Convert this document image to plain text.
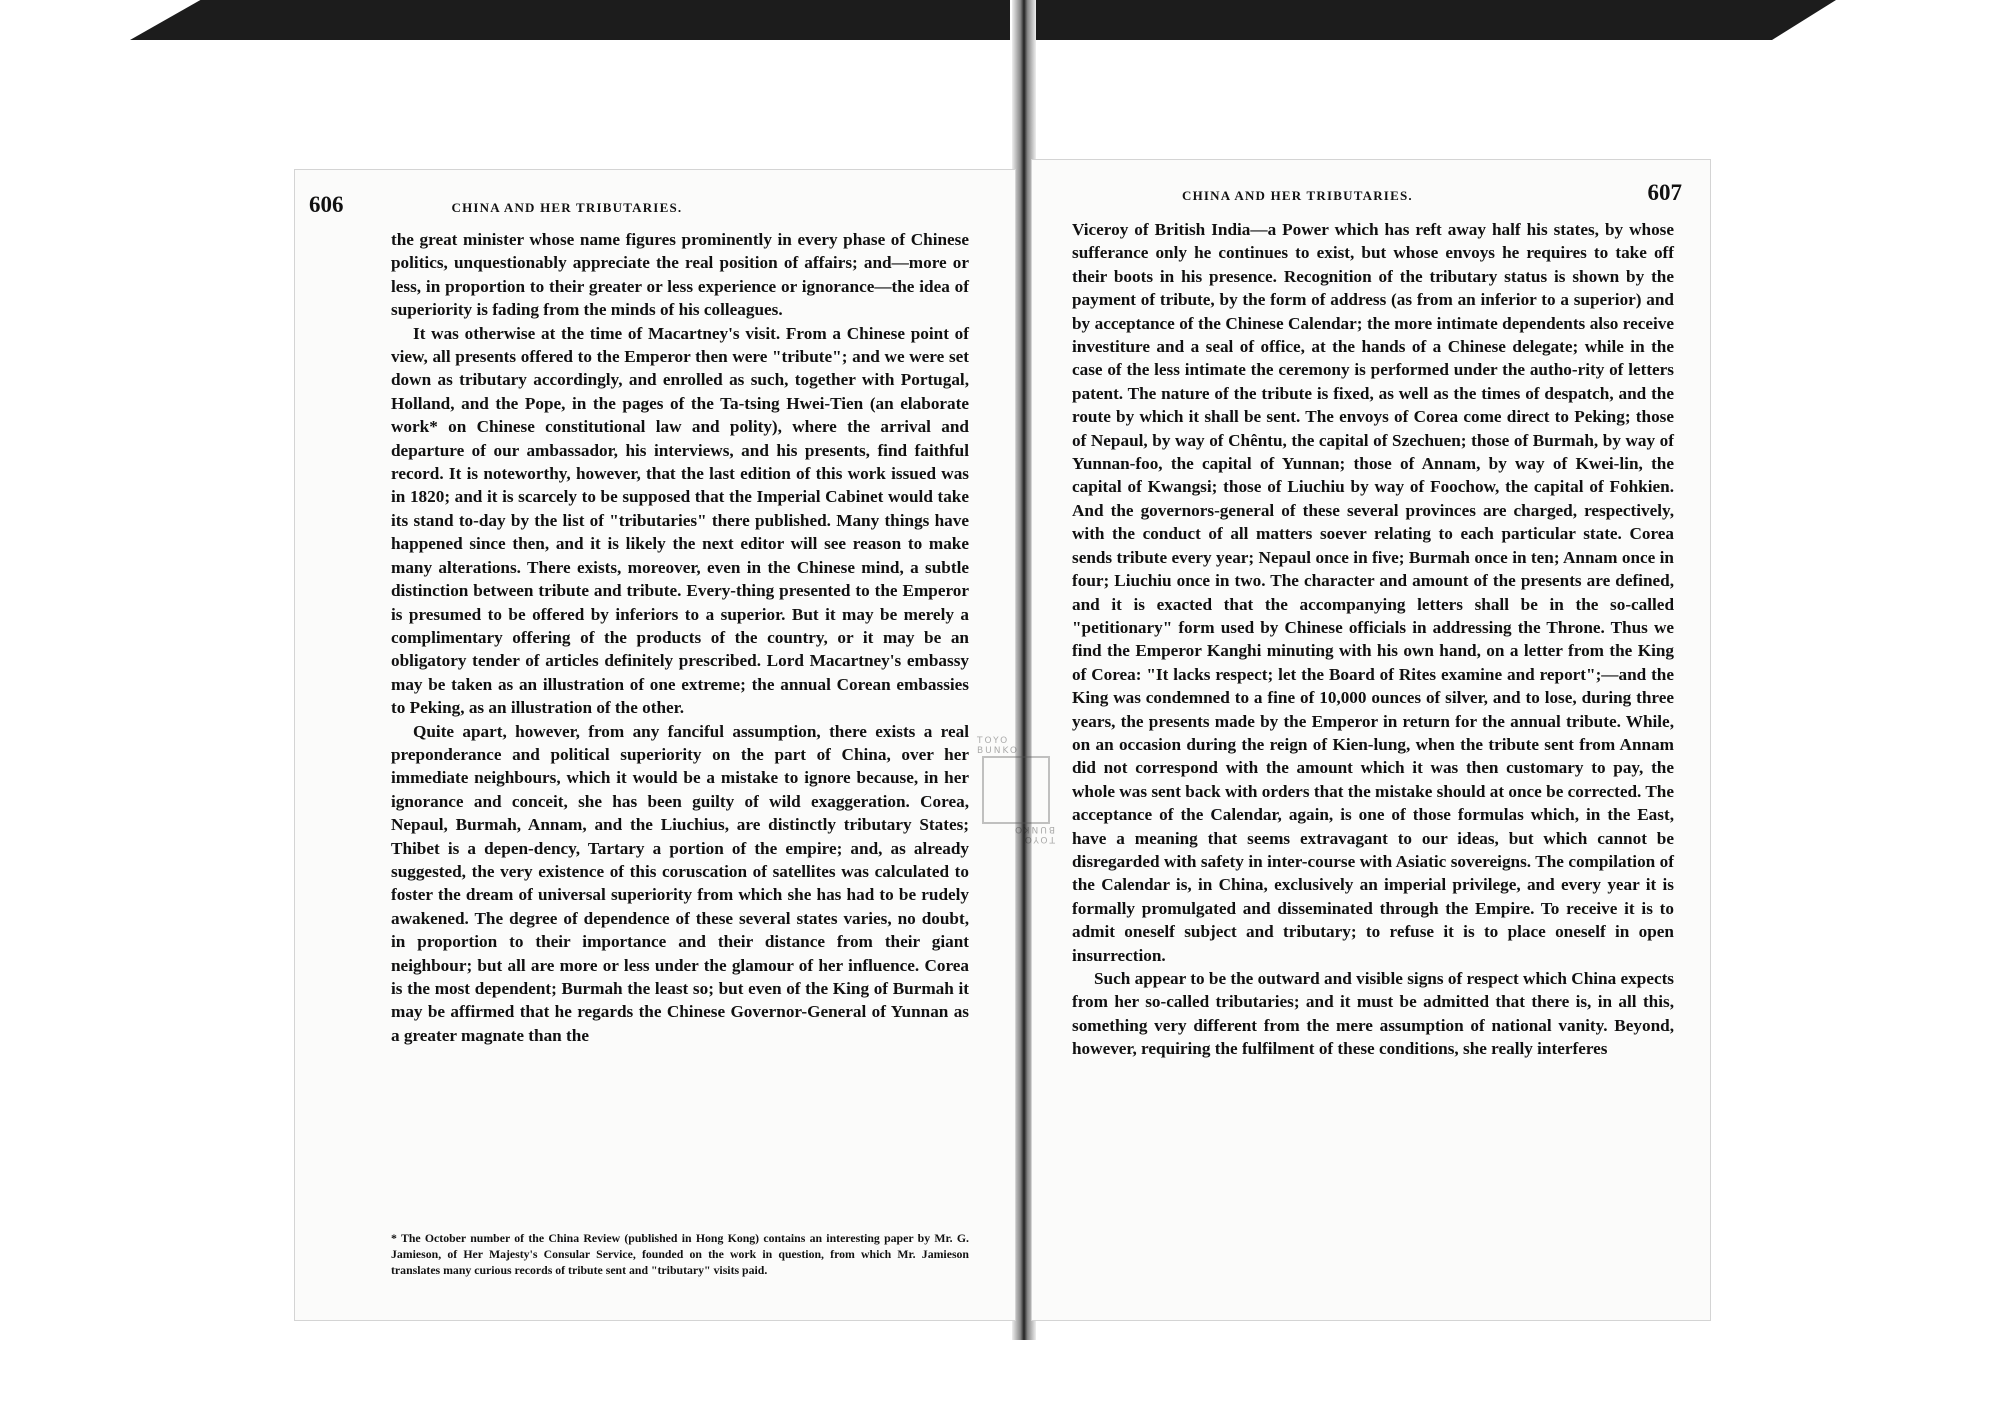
606	CHINA AND HER TRIBUTARIES.

the great minister whose name figures prominently in every phase of Chinese politics, unquestionably appreciate the real position of affairs; and—more or less, in proportion to their greater or less experience or ignorance—the idea of superiority is fading from the minds of his colleagues.

It was otherwise at the time of Macartney's visit. From a Chinese point of view, all presents offered to the Emperor then were "tribute"; and we were set down as tributary accordingly, and enrolled as such, together with Portugal, Holland, and the Pope, in the pages of the Ta-tsing Hwei-Tien (an elaborate work* on Chinese constitutional law and polity), where the arrival and departure of our ambassador, his interviews, and his presents, find faithful record. It is noteworthy, however, that the last edition of this work issued was in 1820; and it is scarcely to be supposed that the Imperial Cabinet would take its stand to-day by the list of "tributaries" there published. Many things have happened since then, and it is likely the next editor will see reason to make many alterations. There exists, moreover, even in the Chinese mind, a subtle distinction between tribute and tribute. Every-thing presented to the Emperor is presumed to be offered by inferiors to a superior. But it may be merely a complimentary offering of the products of the country, or it may be an obligatory tender of articles definitely prescribed. Lord Macartney's embassy may be taken as an illustration of one extreme; the annual Corean embassies to Peking, as an illustration of the other.

Quite apart, however, from any fanciful assumption, there exists a real preponderance and political superiority on the part of China, over her immediate neighbours, which it would be a mistake to ignore because, in her ignorance and conceit, she has been guilty of wild exaggeration. Corea, Nepaul, Burmah, Annam, and the Liuchius, are distinctly tributary States; Thibet is a depen-dency, Tartary a portion of the empire; and, as already suggested, the very existence of this coruscation of satellites was calculated to foster the dream of universal superiority from which she has had to be rudely awakened. The degree of dependence of these several states varies, no doubt, in proportion to their importance and their distance from their giant neighbour; but all are more or less under the glamour of her influence. Corea is the most dependent; Burmah the least so; but even of the King of Burmah it may be affirmed that he regards the Chinese Governor-General of Yunnan as a greater magnate than the

* The October number of the China Review (published in Hong Kong) contains an interesting paper by Mr. G. Jamieson, of Her Majesty's Consular Service, founded on the work in question, from which Mr. Jamieson translates many curious records of tribute sent and "tributary" visits paid.
CHINA AND HER TRIBUTARIES.	607

Viceroy of British India—a Power which has reft away half his states, by whose sufferance only he continues to exist, but whose envoys he requires to take off their boots in his presence. Recognition of the tributary status is shown by the payment of tribute, by the form of address (as from an inferior to a superior) and by acceptance of the Chinese Calendar; the more intimate dependents also receive investiture and a seal of office, at the hands of a Chinese delegate; while in the case of the less intimate the ceremony is performed under the autho-rity of letters patent. The nature of the tribute is fixed, as well as the times of despatch, and the route by which it shall be sent. The envoys of Corea come direct to Peking; those of Nepaul, by way of Chêntu, the capital of Szechuen; those of Burmah, by way of Yunnan-foo, the capital of Yunnan; those of Annam, by way of Kwei-lin, the capital of Kwangsi; those of Liuchiu by way of Foochow, the capital of Fohkien. And the governors-general of these several provinces are charged, respectively, with the conduct of all matters soever relating to each particular state. Corea sends tribute every year; Nepaul once in five; Burmah once in ten; Annam once in four; Liuchiu once in two. The character and amount of the presents are defined, and it is exacted that the accompanying letters shall be in the so-called "petitionary" form used by Chinese officials in addressing the Throne. Thus we find the Emperor Kanghi minuting with his own hand, on a letter from the King of Corea: "It lacks respect; let the Board of Rites examine and report";—and the King was condemned to a fine of 10,000 ounces of silver, and to lose, during three years, the presents made by the Emperor in return for the annual tribute. While, on an occasion during the reign of Kien-lung, when the tribute sent from Annam did not correspond with the amount which it was then customary to pay, the whole was sent back with orders that the mistake should at once be corrected. The acceptance of the Calendar, again, is one of those formulas which, in the East, have a meaning that seems extravagant to our ideas, but which cannot be disregarded with safety in inter-course with Asiatic sovereigns. The compilation of the Calendar is, in China, exclusively an imperial privilege, and every year it is formally promulgated and disseminated through the Empire. To receive it is to admit oneself subject and tributary; to refuse it is to place oneself in open insurrection.

Such appear to be the outward and visible signs of respect which China expects from her so-called tributaries; and it must be admitted that there is, in all this, something very different from the mere assumption of national vanity. Beyond, however, requiring the fulfilment of these conditions, she really interferes

TOYO BUNKO
TOYO BUNKO
